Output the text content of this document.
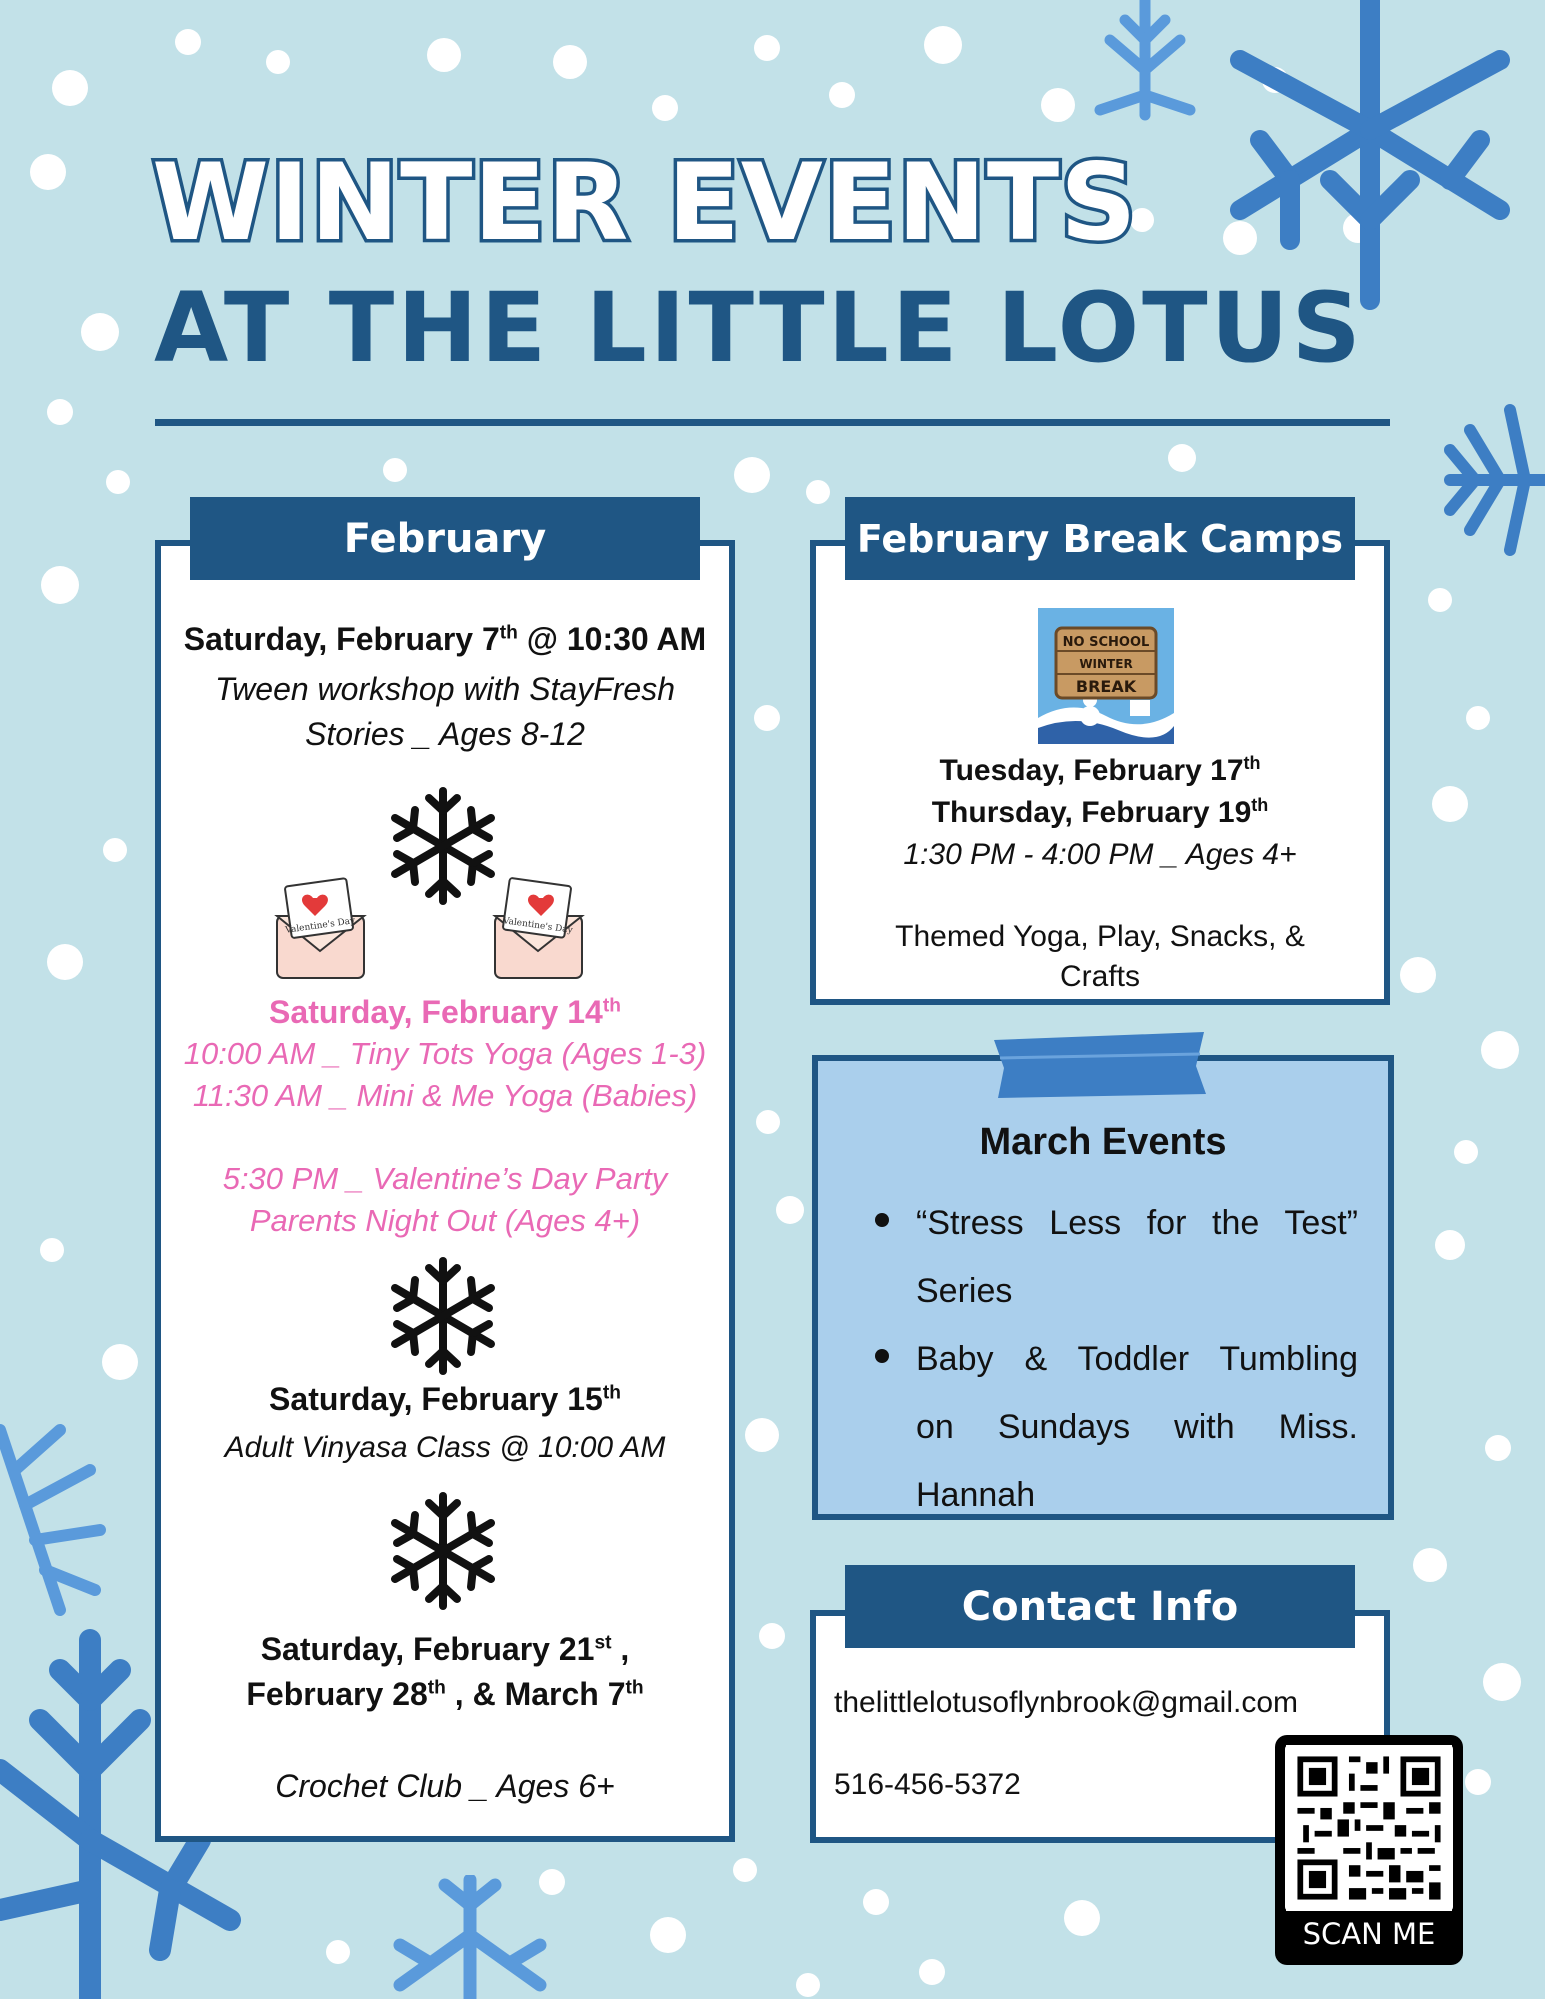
WINTER EVENTS
AT THE LITTLE LOTUS
Saturday, February 7th @ 10:30 AM
Tween workshop with StayFresh
Stories _ Ages 8-12
Valentine's Day	Valentine's Day
Saturday, February 14th
10:00 AM _ Tiny Tots Yoga (Ages 1-3)
11:30 AM _ Mini & Me Yoga (Babies)
5:30 PM _ Valentine’s Day Party
Parents Night Out (Ages 4+)
Saturday, February 15th
Adult Vinyasa Class @ 10:00 AM
Saturday, February 21st ,
February 28th , & March 7th
Crochet Club _ Ages 6+
February
NO SCHOOL
WINTER
BREAK
Tuesday, February 17th
Thursday, February 19th
1:30 PM - 4:00 PM _ Ages 4+
Themed Yoga, Play, Snacks, &
Crafts
February Break Camps
March Events
“Stress Less for the Test”
Series
Baby & Toddler Tumbling
on Sundays with Miss.
Hannah
thelittlelotusoflynbrook@gmail.com
516-456-5372
Contact Info
SCAN ME
